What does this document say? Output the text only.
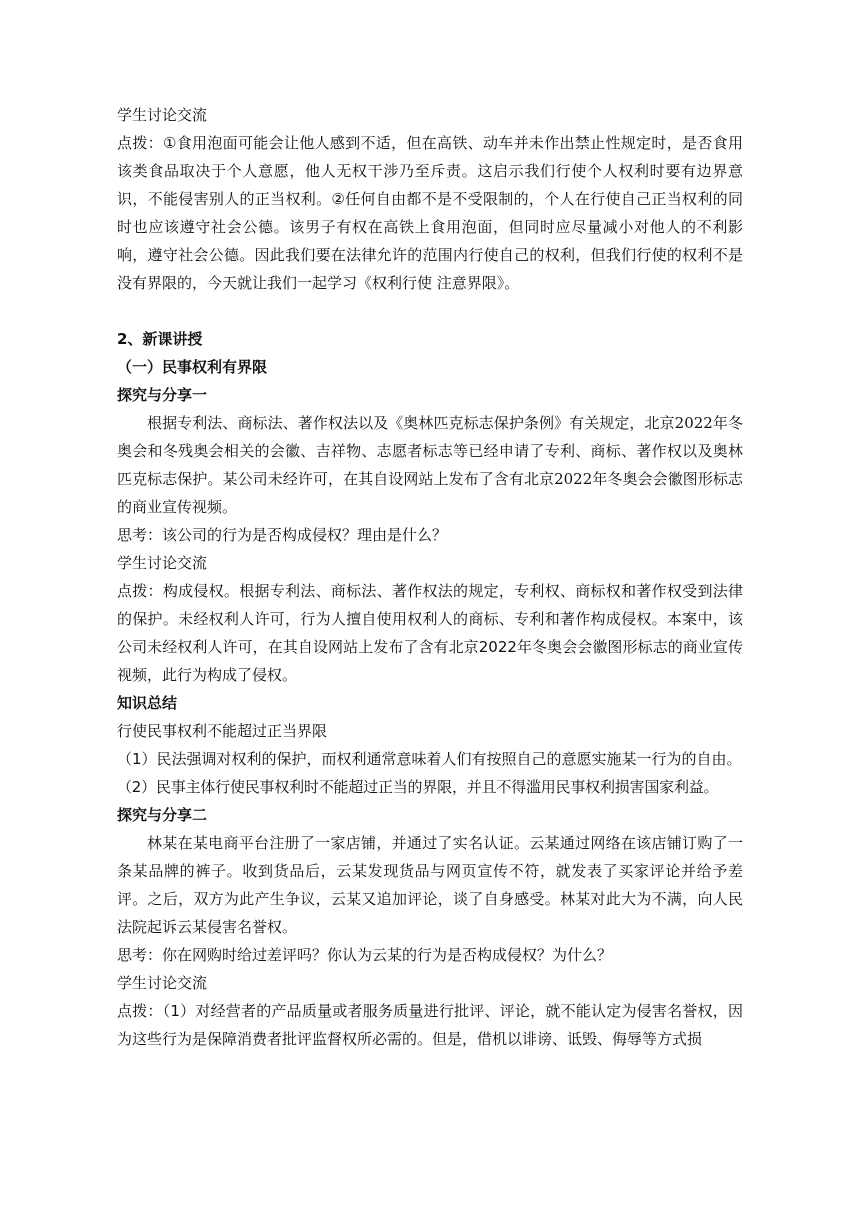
学生讨论交流

点拨：①食用泡面可能会让他人感到不适，但在高铁、动车并未作出禁止性规定时，是否食用该类食品取决于个人意愿，他人无权干涉乃至斥责。这启示我们行使个人权利时要有边界意识，不能侵害别人的正当权利。②任何自由都不是不受限制的，个人在行使自己正当权利的同时也应该遵守社会公德。该男子有权在高铁上食用泡面，但同时应尽量减小对他人的不利影响，遵守社会公德。因此我们要在法律允许的范围内行使自己的权利，但我们行使的权利不是没有界限的，今天就让我们一起学习《权利行使 注意界限》。

2、新课讲授

（一）民事权利有界限

探究与分享一

根据专利法、商标法、著作权法以及《奥林匹克标志保护条例》有关规定，北京2022年冬奥会和冬残奥会相关的会徽、吉祥物、志愿者标志等已经申请了专利、商标、著作权以及奥林匹克标志保护。某公司未经许可，在其自设网站上发布了含有北京2022年冬奥会会徽图形标志的商业宣传视频。

思考：该公司的行为是否构成侵权？理由是什么？

学生讨论交流

点拨：构成侵权。根据专利法、商标法、著作权法的规定，专利权、商标权和著作权受到法律的保护。未经权利人许可，行为人擅自使用权利人的商标、专利和著作构成侵权。本案中，该公司未经权利人许可，在其自设网站上发布了含有北京2022年冬奥会会徽图形标志的商业宣传视频，此行为构成了侵权。

知识总结

行使民事权利不能超过正当界限

（1）民法强调对权利的保护，而权利通常意味着人们有按照自己的意愿实施某一行为的自由。

（2）民事主体行使民事权利时不能超过正当的界限，并且不得滥用民事权利损害国家利益。

探究与分享二

林某在某电商平台注册了一家店铺，并通过了实名认证。云某通过网络在该店铺订购了一条某品牌的裤子。收到货品后，云某发现货品与网页宣传不符，就发表了买家评论并给予差评。之后，双方为此产生争议，云某又追加评论，谈了自身感受。林某对此大为不满，向人民法院起诉云某侵害名誉权。

思考：你在网购时给过差评吗？你认为云某的行为是否构成侵权？为什么？

学生讨论交流

点拨：（1）对经营者的产品质量或者服务质量进行批评、评论，就不能认定为侵害名誉权，因为这些行为是保障消费者批评监督权所必需的。但是，借机以诽谤、诋毁、侮辱等方式损
